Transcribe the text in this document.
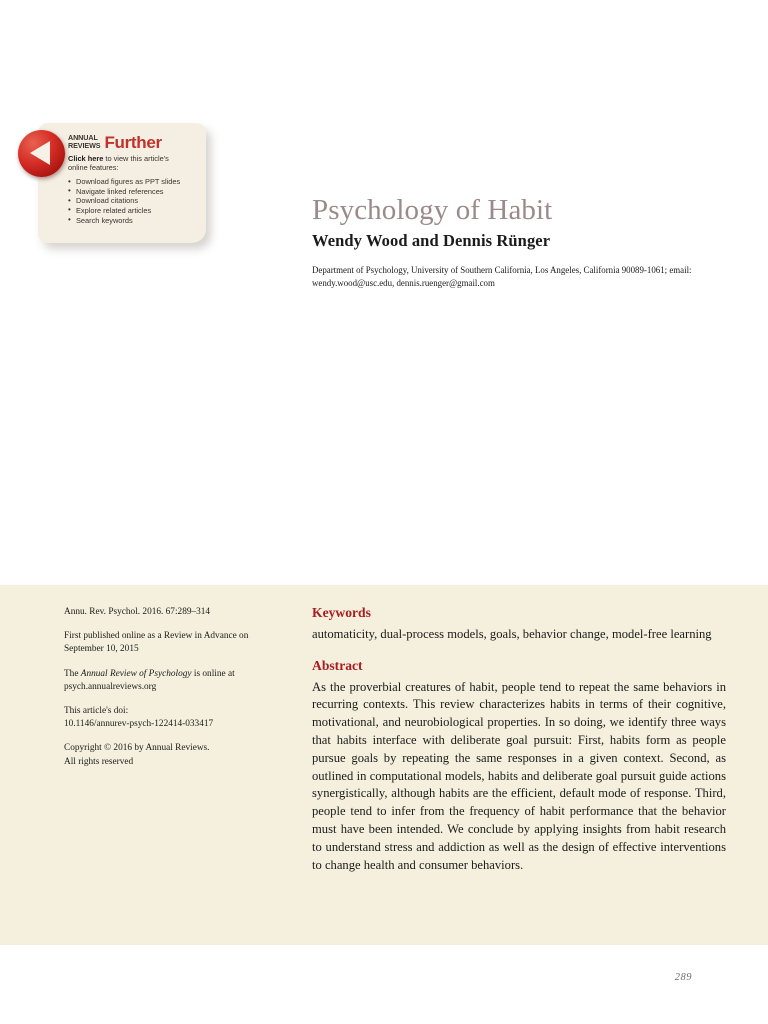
ANNUAL
REVIEWS Further
Click here to view this article's online features:
• Download figures as PPT slides
• Navigate linked references
• Download citations
• Explore related articles
• Search keywords	Psychology of Habit
Wendy Wood and Dennis Rünger
Department of Psychology, University of Southern California, Los Angeles, California 90089-1061; email: wendy.wood@usc.edu, dennis.ruenger@gmail.com

Annu. Rev. Psychol. 2016. 67:289–314

First published online as a Review in Advance on
September 10, 2015

The Annual Review of Psychology is online at
psych.annualreviews.org

This article's doi:
10.1146/annurev-psych-122414-033417

Copyright © 2016 by Annual Reviews.
All rights reserved

Keywords

automaticity, dual-process models, goals, behavior change, model-free learning

Abstract

As the proverbial creatures of habit, people tend to repeat the same behaviors in recurring contexts. This review characterizes habits in terms of their cognitive, motivational, and neurobiological properties. In so doing, we identify three ways that habits interface with deliberate goal pursuit: First, habits form as people pursue goals by repeating the same responses in a given context. Second, as outlined in computational models, habits and deliberate goal pursuit guide actions synergistically, although habits are the efficient, default mode of response. Third, people tend to infer from the frequency of habit performance that the behavior must have been intended. We conclude by applying insights from habit research to understand stress and addiction as well as the design of effective interventions to change health and consumer behaviors.

289
